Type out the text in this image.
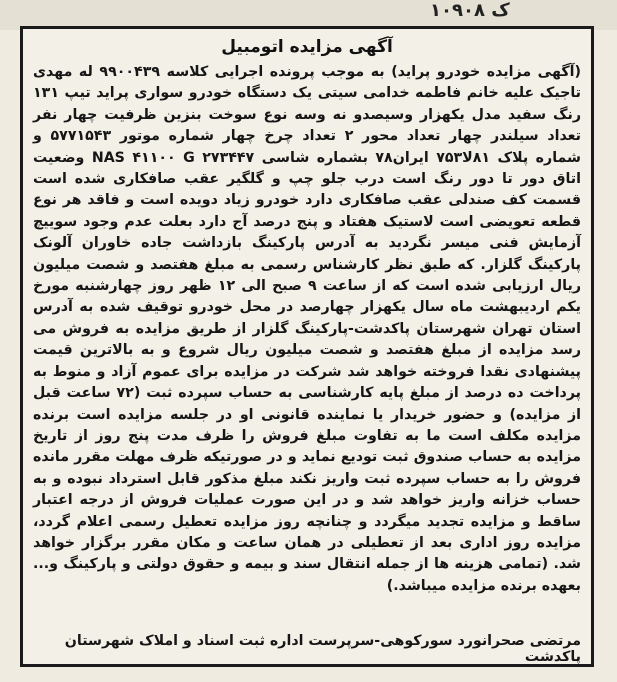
ک ۱۰۹۰۸
آگهی مزایده اتومبیل

(آگهی مزایده خودرو پراید) به موجب پرونده اجرایی کلاسه ۹۹۰۰۴۳۹ له مهدی تاجیک علیه خانم فاطمه خدامی سیتی یک دستگاه خودرو سواری پراید تیپ ۱۳۱ رنگ سفید مدل یکهزار وسیصدو نه وسه نوع سوخت بنزین ظرفیت چهار نفر تعداد سیلندر چهار تعداد محور ۲ تعداد چرخ چهار شماره موتور ۵۷۷۱۵۴۳ و شماره پلاک ۸۱لا۷۵۳ ایران۷۸ بشماره شاسی NAS ۴۱۱۰۰ G ۲۷۳۴۴۷ وضعیت اتاق دور تا دور رنگ است درب جلو چپ و گلگیر عقب صافکاری شده است قسمت کف صندلی عقب صافکاری دارد خودرو زیاد دویده است و فاقد هر نوع قطعه تعویضی است لاستیک هفتاد و پنج درصد آج دارد بعلت عدم وجود سوییچ آزمایش فنی میسر نگردید به آدرس پارکینگ بازداشت جاده خاوران آلونک پارکینگ گلزار. که طبق نظر کارشناس رسمی به مبلغ هفتصد و شصت میلیون ریال ارزیابی شده است که از ساعت ۹ صبح الی ۱۲ ظهر روز چهارشنبه مورخ یکم اردیبهشت ماه سال یکهزار چهارصد در محل خودرو توقیف شده به آدرس استان تهران شهرستان پاکدشت-پارکینگ گلزار از طریق مزایده به فروش می رسد مزایده از مبلغ هفتصد و شصت میلیون ریال شروع و به بالاترین قیمت پیشنهادی نقدا فروخته خواهد شد شرکت در مزایده برای عموم آزاد و منوط به پرداخت ده درصد از مبلغ پایه کارشناسی به حساب سپرده ثبت (۷۲ ساعت قبل از مزایده) و حضور خریدار یا نماینده قانونی او در جلسه مزایده است برنده مزایده مکلف است ما به تفاوت مبلغ فروش را ظرف مدت پنج روز از تاریخ مزایده به حساب صندوق ثبت تودیع نماید و در صورتیکه ظرف مهلت مقرر مانده فروش را به حساب سپرده ثبت واریز نکند مبلغ مذکور قابل استرداد نبوده و به حساب خزانه واریز خواهد شد و در این صورت عملیات فروش از درجه اعتبار ساقط و مزایده تجدید میگردد و چنانچه روز مزایده تعطیل رسمی اعلام گردد، مزایده روز اداری بعد از تعطیلی در همان ساعت و مکان مقرر برگزار خواهد شد. (تمامی هزینه ها از جمله انتقال سند و بیمه و حقوق دولتی و پارکینگ و... بعهده برنده مزایده میباشد.)

مرتضی صحرانورد سورکوهی-سرپرست اداره ثبت اسناد و املاک شهرستان پاکدشت
